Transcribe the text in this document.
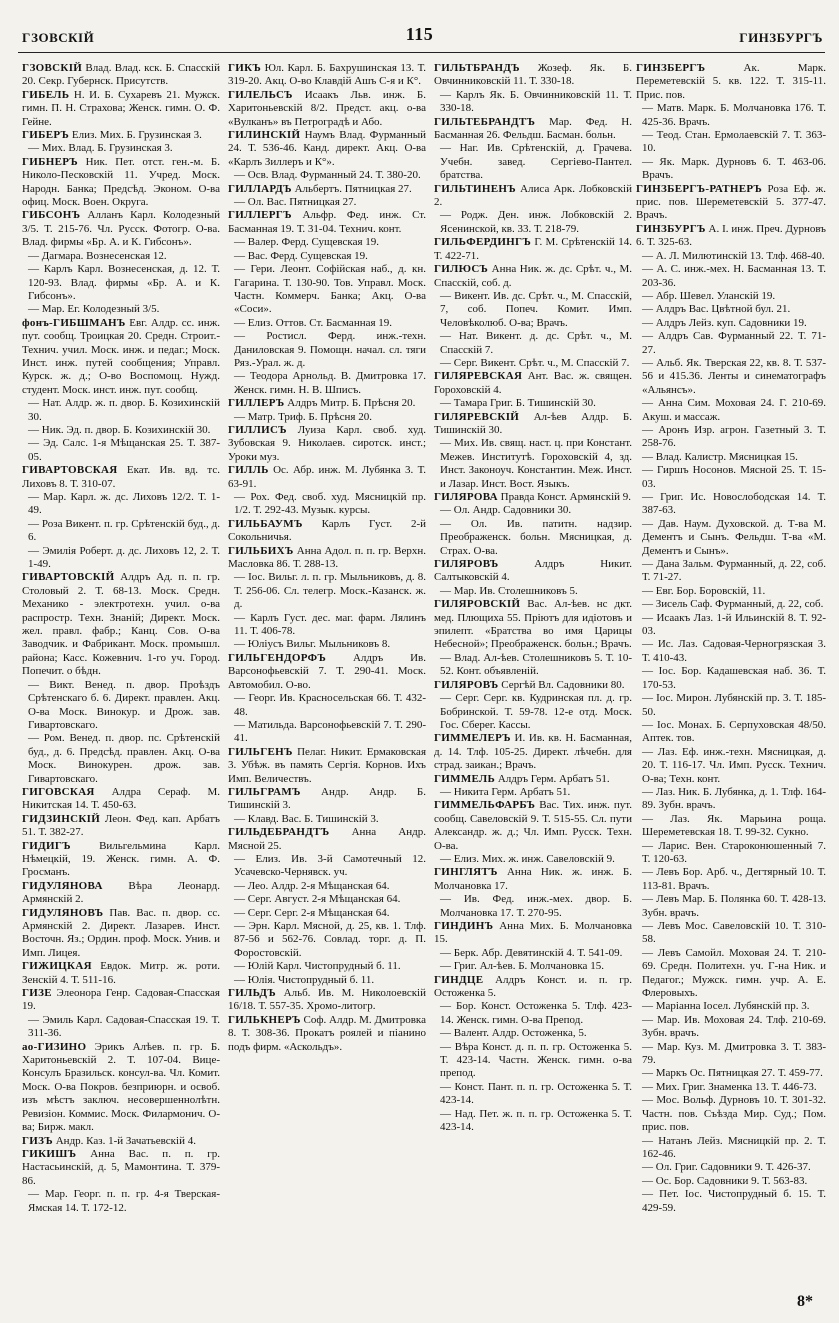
ГЗОВСКІЙ	115	ГИНЗБУРГЪ
ГЗОВСКІЙ Влад. Влад. кск. Б. Спасскій 20. Секр. Губернск. Присутств.
ГИБЕЛЬ Н. И. Б. Сухаревъ 21. Мужск. гимн. П. Н. Страховa; Женск. гимн. О. Ф. Гейне.
ГИБЕРЪ Елиз. Мих. Б. Грузинская 3.
— Мих. Влад. Б. Грузинская 3.
ГИБНЕРЪ Ник. Пет. отст. ген.-м. Б. Николо-Песковскій 11. Учред. Моск. Народн. Банка; Предсѣд. Эконом. О-ва офиц. Моск. Воен. Округа.
ГИБСОНЪ Алланъ Карл. Колодезный 3/5. Т. 215-76. Чл. Русск. Фотогр. О-ва. Влад. фирмы «Бр. А. и К. Гибсонъ».
— Дагмара. Вознесенская 12.
— Карлъ Карл. Вознесенская, д. 12. Т. 120-93. Влад. фирмы «Бр. А. и К. Гибсонъ».
— Мар. Ег. Колодезный 3/5.
фонъ-ГИБШМАНЪ Евг. Алдр. сс. инж. пут. сообщ. Троицкая 20. Средн. Строит.-Технич. учил. Моск. инж. и педаг.; Моск. Инст. инж. путей сообщения; Управл. Курск. ж. д.; О-во Воспомощ. Нужд. студент. Моск. инст. инж. пут. сообщ.
— Нат. Алдр. ж. п. двор. Б. Козихинскій 30.
— Ник. Эд. п. двор. Б. Козихинскій 30.
— Эд. Салс. 1-я Мѣщанская 25. Т. 387-05.
ГИВАРТОВСКАЯ Екат. Ив. вд. тс. Лиховъ 8. Т. 310-07.
— Мар. Карл. ж. дс. Лиховъ 12/2. Т. 1-49.
— Роза Викент. п. гр. Срѣтенскій буд., д. 6.
— Эмилія Роберт. д. дс. Лиховъ 12, 2. Т. 1-49.
ГИВАРТОВСКІЙ Алдръ Ад. п. п. гр. Столовый 2. Т. 68-13. Моск. Средн. Механико - электротехн. учил. о-ва распростр. Техн. Знаній; Директ. Моск. жел. правл. фабр.; Канц. Сов. О-ва Заводчик. и Фабрикант. Моск. промышл. района; Касс. Кожевнич. 1-го уч. Город. Попечит. о бѣдн.
— Викт. Венед. п. двор. Проѣздъ Срѣтенскаго б. 6. Директ. правлен. Акц. О-ва Моск. Винокур. и Дрож. зав. Гивартовскаго.
— Ром. Венед. п. двор. пс. Срѣтенскій буд., д. 6. Предсѣд. правлен. Акц. О-ва Моск. Винокурен. дрож. зав. Гивартовскаго.
ГИГОВСКАЯ Алдра Сераф. М. Никитская 14. Т. 450-63.
ГИДЗИНСКІЙ Леон. Фед. кап. Арбатъ 51. Т. 382-27.
ГИДИГЪ Вильгельмина Карл. Нѣмецкій, 19. Женск. гимн. А. Ф. Гросманъ.
ГИДУЛЯНОВА Вѣра Леонард. Армянскій 2.
ГИДУЛЯНОВЪ Пав. Вас. п. двор. сс. Армянскій 2. Директ. Лазарев. Инст. Восточн. Яз.; Ордин. проф. Моск. Унив. и Имп. Лицея.
ГИЖИЦКАЯ Евдок. Митр. ж. роти. Зенскій 4. Т. 511-16.
ГИЗЕ Элеонора Генр. Садовая-Спасская 19.
— Эмиль Карл. Садовая-Спасская 19. Т. 311-36.
ао-ГИЗИНО Эрикъ Алѣев. п. гр. Б. Харитоньевскій 2. Т. 107-04. Вице-Консулъ Бразильск. консул-ва. Чл. Комит. Моск. О-ва Покров. безприюрн. и освоб. изъ мѣстъ заключ. несовершеннолѣтн. Ревизіон. Коммис. Моск. Филармонич. О-ва; Бирж. макл.
ГИЗЪ Андр. Каз. 1-й Зачатьевскій 4.
ГИКИШЪ Анна Вас. п. п. гр. Настасьинскій, д. 5, Мамонтина. Т. 379-86.
— Мар. Георг. п. п. гр. 4-я Тверская-Ямская 14. Т. 172-12.
ГИКЪ Юл. Карл. Б. Бахрушинская 13. Т. 319-20. Акц. О-во Клавдій Ашъ С-я и К°.
ГИЛЕЛЬСЪ Исаакъ Льв. инж. Б. Харитоньевскій 8/2. Предст. акц. о-ва «Вулканъ» въ Петроградѣ и Або.
ГИЛИНСКІЙ Наумъ Влад. Фурманный 24. Т. 536-46. Канд. директ. Акц. О-ва «Карлъ Зиллеръ и К°».
— Осв. Влад. Фурманный 24. Т. 380-20.
ГИЛЛАРДЪ Альбертъ. Пятницкая 27.
— Ол. Вас. Пятницкая 27.
ГИЛЛЕРГЪ Альфр. Фед. инж. Ст. Басманная 19. Т. 31-04. Технич. конт.
— Валер. Ферд. Сущевская 19.
— Вас. Ферд. Сущевская 19.
— Гери. Леонт. Софійская наб., д. кн. Гагарина. Т. 130-90. Тов. Управл. Моск. Частн. Коммерч. Банка; Акц. О-ва «Соси».
— Елиз. Оттов. Ст. Басманная 19.
— Ростисл. Ферд. инж.-техн. Даниловская 9. Помощн. начал. сл. тяги Ряз.-Урал. ж. д.
— Теодора Арнольд. В. Дмитровка 17. Женск. гимн. Н. В. Шписъ.
ГИЛЛЕРЪ Алдръ Митр. Б. Прѣсня 20.
— Матр. Триф. Б. Прѣсня 20.
ГИЛЛИСЪ Луиза Карл. своб. худ. Зубовская 9. Николаев. сиротск. инст.; Уроки муз.
ГИЛЛЬ Ос. Абр. инж. М. Лубянка 3. Т. 63-91.
— Рох. Фед. своб. худ. Мясницкій пр. 1/2. Т. 292-43. Музык. курсы.
ГИЛЬБАУМЪ Карлъ Густ. 2-й Сокольничья.
ГИЛЬБИХЪ Анна Адол. п. п. гр. Верхн. Масловка 86. Т. 288-13.
— Іос. Вильг. л. п. гр. Мыльниковъ, д. 8. Т. 256-06. Сл. телегр. Моск.-Казанск. ж. д.
— Карлъ Густ. дес. маг. фарм. Лялинъ 11. Т. 406-78.
— Юліусъ Вильг. Мыльниковъ 8.
ГИЛЬГЕНДОРФЪ Алдръ Ив. Варсонофьевскій 7. Т. 290-41. Моск. Автомобил. О-во.
— Георг. Ив. Красносельская 66. Т. 432-48.
— Матильда. Варсонофьевскій 7. Т. 290-41.
ГИЛЬГЕНЪ Пелаг. Никит. Ермаковская 3. Убѣж. въ память Сергія. Корнов. Ихъ Имп. Величествъ.
ГИЛЬГРАМЪ Андр. Андр. Б. Тишинскій 3.
— Клавд. Вас. Б. Тишинскій 3.
ГИЛЬДЕБРАНДТЪ Анна Андр. Мясной 25.
— Елиз. Ив. 3-й Самотечный 12. Усачевско-Чернявск. уч.
— Лео. Алдр. 2-я Мѣщанская 64.
— Серг. Август. 2-я Мѣщанская 64.
— Серг. Серг. 2-я Мѣщанская 64.
— Эрн. Карл. Мясной, д. 25, кв. 1. Тлф. 87-56 и 562-76. Совлад. торг. д. П. Форостовскій.
— Юлій Карл. Чистопрудный б. 11.
— Юлія. Чистопрудный б. 11.
ГИЛЬДЪ Альб. Ив. М. Николоевскій 16/18. Т. 557-35. Хромо-литогр.
ГИЛЬКНЕРЪ Соф. Алдр. М. Дмитровка 8. Т. 308-36. Прокатъ роялей и піанино подъ фирм. «Аскольдъ».
ГИЛЬТБРАНДЪ Жозеф. Як. Б. Овчинниковскій 11. Т. 330-18.
— Карлъ Як. Б. Овчинниковскій 11. Т. 330-18.
ГИЛЬТЕБРАНДТЪ Мар. Фед. Н. Басманная 26. Фельдш. Басман. больн.
— Наг. Ив. Срѣтенскій, д. Грачева. Учебн. завед. Сергіево-Пантел. братства.
ГИЛЬТИНЕНЪ Алиса Арк. Лобковскій 2.
— Родж. Ден. инж. Лобковскій 2. Ясенинской, кв. 33. Т. 218-79.
ГИЛЬФЕРДИНГЪ Г. М. Срѣтенскій 14. Т. 422-71.
ГИЛЮСЪ Анна Ник. ж. дс. Срѣт. ч., М. Спасскій, соб. д.
— Викент. Ив. дс. Срѣт. ч., М. Спасскій, 7, соб. Попеч. Комит. Имп. Человѣколюб. О-ва; Врачъ.
— Нат. Викент. д. дс. Срѣт. ч., М. Спасскій 7.
— Серг. Викент. Срѣт. ч., М. Спасскій 7.
ГИЛЯРЕВСКАЯ Ант. Вас. ж. священ. Гороховскій 4.
— Тамара Григ. Б. Тишинскій 30.
ГИЛЯРЕВСКІЙ Ал-ѣев Алдр. Б. Тишинскій 30.
— Мих. Ив. свящ. наст. ц. при Констант. Межев. Институтѣ. Гороховскій 4, зд. Инст. Законоуч. Константин. Меж. Инст. и Лазар. Инст. Вост. Языкъ.
ГИЛЯРОВА Правда Конст. Армянскій 9.
— Ол. Андр. Садовники 30.
— Ол. Ив. патитн. надзир. Преображенск. больн. Мясницкая, д. Страх. О-ва.
ГИЛЯРОВЪ Алдръ Никит. Салтыковскій 4.
— Мар. Ив. Столешниковъ 5.
ГИЛЯРОВСКІЙ Вас. Ал-ѣев. нс дкт. мед. Плющиха 55. Пріютъ для идіотовъ и эпилепт. «Братства во имя Царицы Небесной»; Преображенск. больн.; Врачъ.
— Влад. Ал-ѣев. Столешниковъ 5. Т. 10-52. Конт. объявленій.
ГИЛЯРОВЪ Сергѣй Вл. Садовники 80.
— Серг. Серг. кв. Кудринская пл. д. гр. Бобринской. Т. 59-78. 12-е отд. Моск. Гос. Сберег. Кассы.
ГИММЕЛЕРЪ И. Ив. кв. Н. Басманная, д. 14. Тлф. 105-25. Директ. лѣчебн. для страд. заикан.; Врачъ.
ГИММЕЛЬ Алдръ Герм. Арбатъ 51.
— Никита Герм. Арбатъ 51.
ГИММЕЛЬФАРБЪ Вас. Тих. инж. пут. сообщ. Савеловскій 9. Т. 515-55. Сл. пути Александр. ж. д.; Чл. Имп. Русск. Техн. О-ва.
— Елиз. Мих. ж. инж. Савеловскій 9.
ГИНГЛЯТЪ Анна Ник. ж. инж. Б. Молчановка 17.
— Ив. Фед. инж.-мех. двор. Б. Молчановка 17. Т. 270-95.
ГИНДИНЪ Анна Мих. Б. Молчановка 15.
— Берк. Абр. Девятинскій 4. Т. 541-09.
— Григ. Ал-ѣев. Б. Молчановка 15.
ГИНДЦЕ Алдръ Конст. и. п. гр. Остоженка 5.
— Бор. Конст. Остоженка 5. Тлф. 423-14. Женск. гимн. О-ва Препод.
— Валент. Алдр. Остоженка, 5.
— Вѣра Конст. д. п. п. гр. Остоженка 5. Т. 423-14. Частн. Женск. гимн. о-ва препод.
— Конст. Пант. п. п. гр. Остоженка 5. Т. 423-14.
— Над. Пет. ж. п. п. гр. Остоженка 5. Т. 423-14.
ГИНЗБЕРГЪ Ак. Марк. Переметевскій 5. кв. 122. Т. 315-11. Прис. пов.
— Матв. Марк. Б. Молчановка 176. Т. 425-36. Врачъ.
— Теод. Стан. Ермолаевскій 7. Т. 363-10.
— Як. Марк. Дурновъ 6. Т. 463-06. Врачъ.
ГИНЗБЕРГЪ-РАТНЕРЪ Роза Еф. ж. прис. пов. Шереметевскій 5. 377-47. Врачъ.
ГИНЗБУРГЪ А. І. инж. Преч. Дурновъ 6. Т. 325-63.
— А. Л. Милютинскій 13. Тлф. 468-40.
— А. С. инж.-мех. Н. Басманная 13. Т. 203-36.
— Абр. Шевел. Уланскій 19.
— Алдръ Вас. Цвѣтной бул. 21.
— Алдръ Лейз. куп. Садовники 19.
— Алдръ Сав. Фурманный 22. Т. 71-27.
— Альб. Як. Тверская 22, кв. 8. Т. 537-56 и 415.36. Ленты и синематографъ «Альянсъ».
— Анна Сим. Моховая 24. Г. 210-69. Акуш. и массаж.
— Аронъ Изр. агрон. Газетный 3. Т. 258-76.
— Влад. Калистр. Мясницкая 15.
— Гиршъ Носонов. Мясной 25. Т. 15-03.
— Григ. Ис. Новослободская 14. Т. 387-63.
— Дав. Наум. Духовской. д. Т-ва М. Дементъ и Сынъ. Фельдш. Т-ва «М. Дементъ и Сынъ».
— Дана Зальм. Фурманный, д. 22, соб. Т. 71-27.
— Евг. Бор. Боровскій, 11.
— Зисель Саф. Фурманный, д. 22, соб.
— Исаакъ Лаз. 1-й Ильинскій 8. Т. 92-03.
— Ис. Лаз. Садовая-Черногрязская 3. Т. 410-43.
— Іос. Бор. Кадашевская наб. 36. Т. 170-53.
— Іос. Мирон. Лубянскій пр. 3. Т. 185-50.
— Іос. Монах. Б. Серпуховская 48/50. Аптек. тов.
— Лаз. Еф. инж.-техн. Мясницкая, д. 20. Т. 116-17. Чл. Имп. Русск. Технич. О-ва; Техн. конт.
— Лаз. Ник. Б. Лубянка, д. 1. Тлф. 164-89. Зубн. врачъ.
— Лаз. Як. Марьина роща. Шереметевская 18. Т. 99-32. Сукно.
— Ларис. Вен. Староконюшенный 7. Т. 120-63.
— Левъ Бор. Арб. ч., Дегтярный 10. Т. 113-81. Врачъ.
— Левъ Мар. Б. Полянка 60. Т. 428-13. Зубн. врачъ.
— Левъ Мос. Савеловскій 10. Т. 310-58.
— Левъ Самойл. Моховая 24. Т. 210-69. Средн. Политехн. уч. Г-на Ник. и Педагог.; Мужск. гимн. учр. А. Е. Флеровыхъ.
— Маріанна Іосел. Лубянскій пр. 3.
— Мар. Ив. Моховая 24. Тлф. 210-69. Зубн. врачъ.
— Мар. Куз. М. Дмитровка 3. Т. 383-79.
— Маркъ Ос. Пятницкая 27. Т. 459-77.
— Мих. Григ. Знаменка 13. Т. 446-73.
— Мос. Вольф. Дурновъ 10. Т. 301-32. Частн. пов. Съѣзда Мир. Суд.; Пом. прис. пов.
— Натанъ Лейз. Мясницкій пр. 2. Т. 162-46.
— Ол. Григ. Садовники 9. Т. 426-37.
— Ос. Бор. Садовники 9. Т. 563-83.
— Пет. Іос. Чистопрудный б. 15. Т. 429-59.
8*
